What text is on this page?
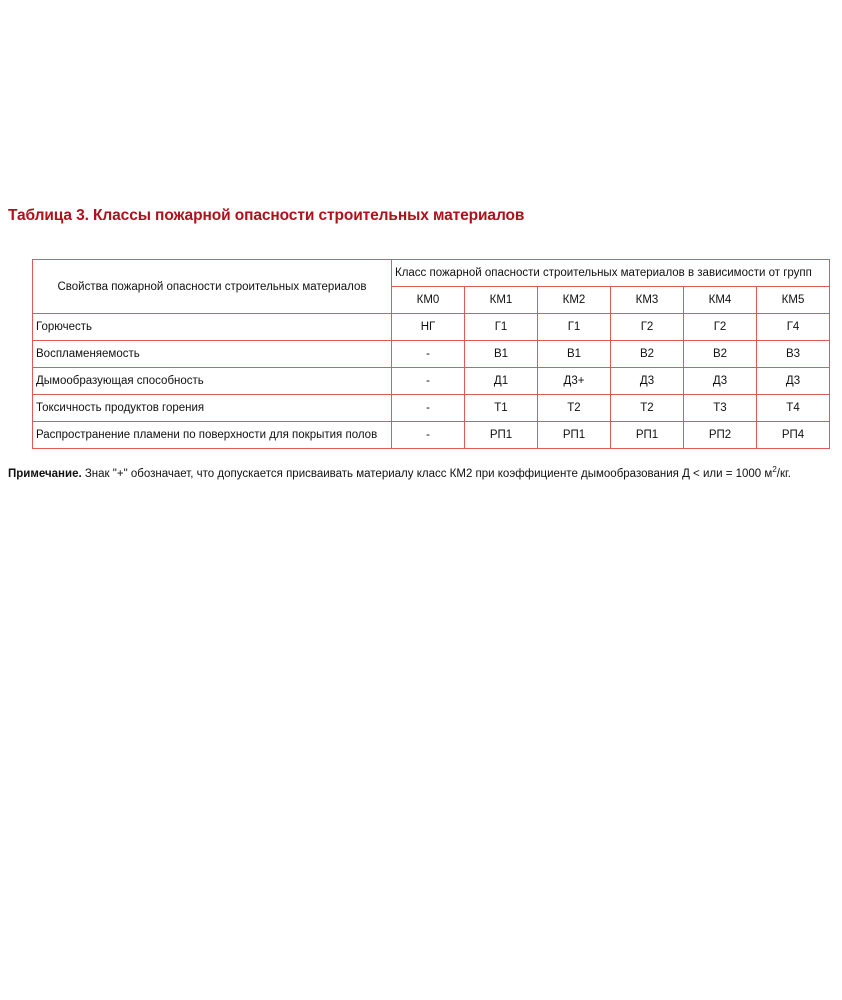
Таблица 3. Классы пожарной опасности строительных материалов
Свойства пожарной опасности строительных материалов	Класс пожарной опасности строительных материалов в зависимости от групп					
	КМ0	КМ1	КМ2	КМ3	КМ4	КМ5
Горючесть	НГ	Г1	Г1	Г2	Г2	Г4
Воспламеняемость	-	В1	В1	В2	В2	В3
Дымообразующая способность	-	Д1	Д3+	Д3	Д3	Д3
Токсичность продуктов горения	-	Т1	Т2	Т2	Т3	Т4
Распространение пламени по поверхности для покрытия полов	-	РП1	РП1	РП1	РП2	РП4

Примечание. Знак "+" обозначает, что допускается присваивать материалу класс КМ2 при коэффициенте дымообразования Д < или = 1000 $м^2/кг$.
